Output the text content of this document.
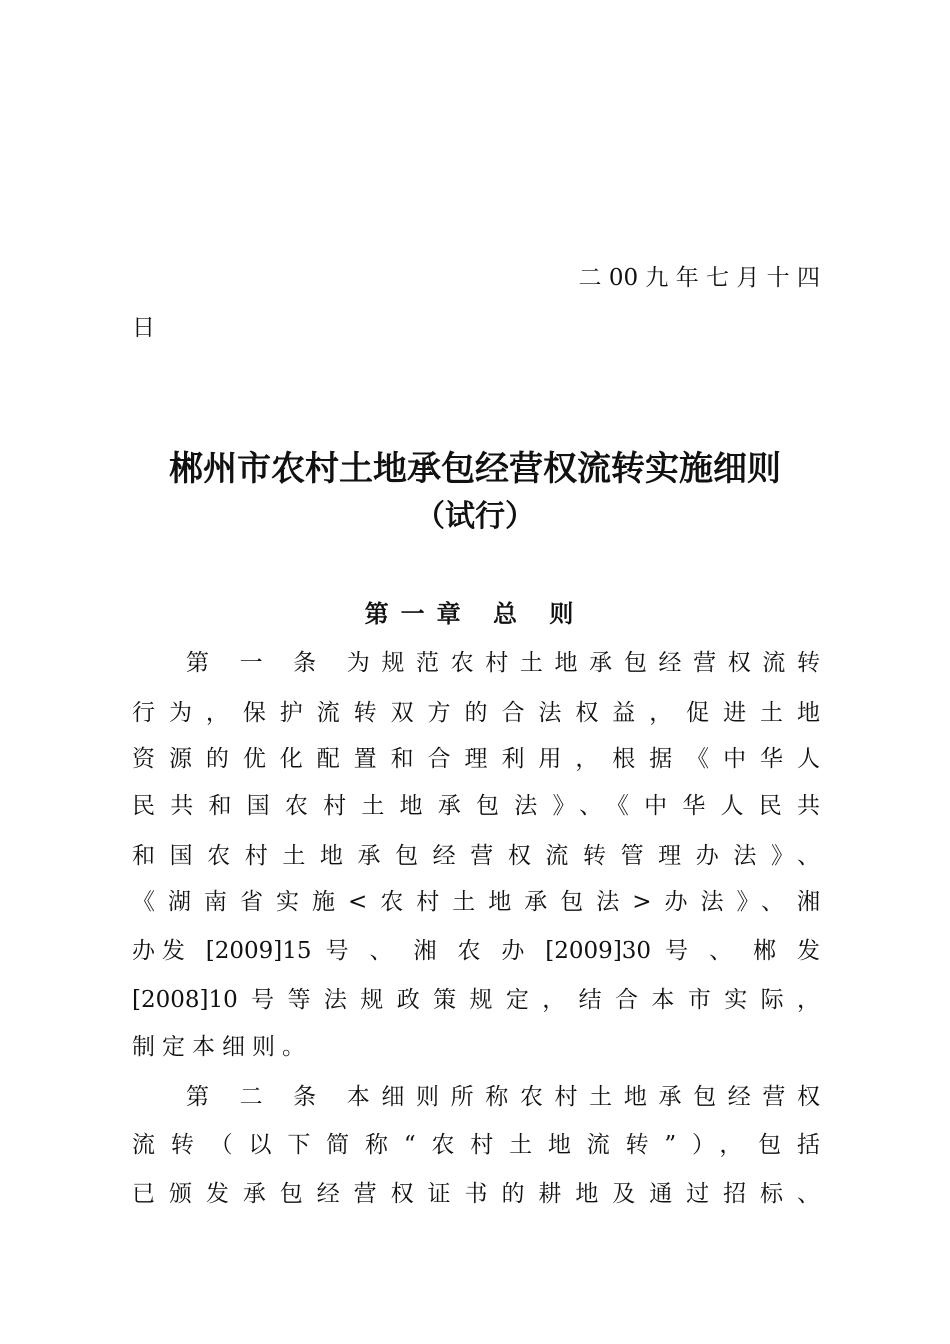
二 00 九 年 七 月 十 四
日
郴州市农村土地承包经营权流转实施细则
（试行）
第一章 总 则
第 一 条 为规范农村土地承包经营权流转
行为，保护流转双方的合法权益，促进土地
资源的优化配置和合理利用，根据《中华人
民共和国农村土地承包法》、《中华人民共
和国农村土地承包经营权流转管理办法》、
《湖南省实施<农村土地承包法>办法》、湘
办发 [2009]15 号 、 湘 农 办 [2009]30 号 、 郴 发
[2008]10号等法规政策规定，结合本市实际，
制定本细则。
第 二 条 本细则所称农村土地承包经营权
流转（以下简称“农村土地流转”），包括
已颁发承包经营权证书的耕地及通过招标、
